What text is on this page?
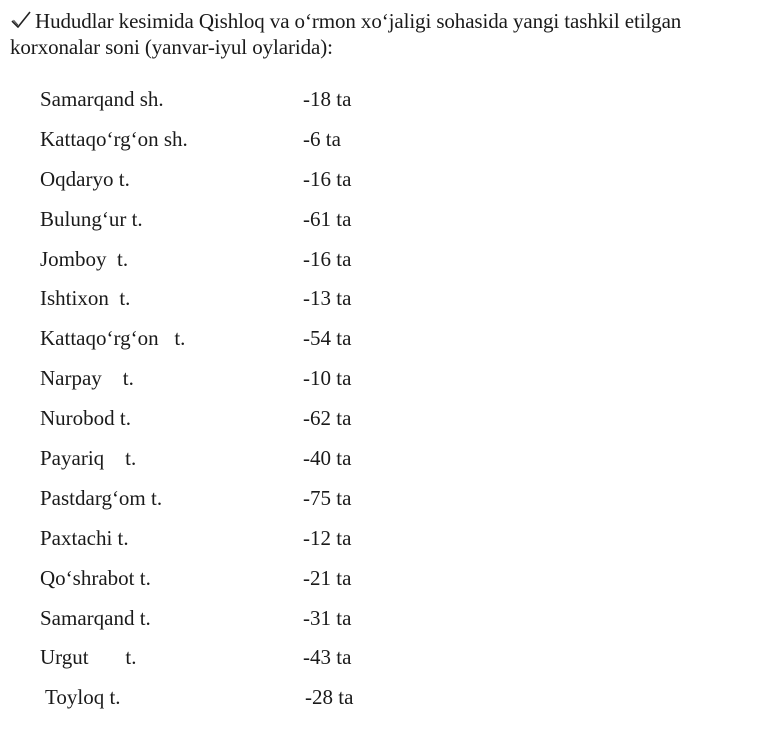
Hududlar kesimida Qishloq va o‘rmon xo‘jaligi sohasida yangi tashkil etilgan
korxonalar soni (yanvar-iyul oylarida):
Samarqand sh.	-18 ta
Kattaqo‘rg‘on sh.	-6 ta
Oqdaryo t.	-16 ta
Bulung‘ur t.	-61 ta
Jomboy  t.	-16 ta
Ishtixon  t.	-13 ta
Kattaqo‘rg‘on   t.	-54 ta
Narpay    t.	-10 ta
Nurobod t.	-62 ta
Payariq    t.	-40 ta
Pastdarg‘om t.	-75 ta
Paxtachi t.	-12 ta
Qo‘shrabot t.	-21 ta
Samarqand t.	-31 ta
Urgut       t.	-43 ta
Toyloq t.	-28 ta
